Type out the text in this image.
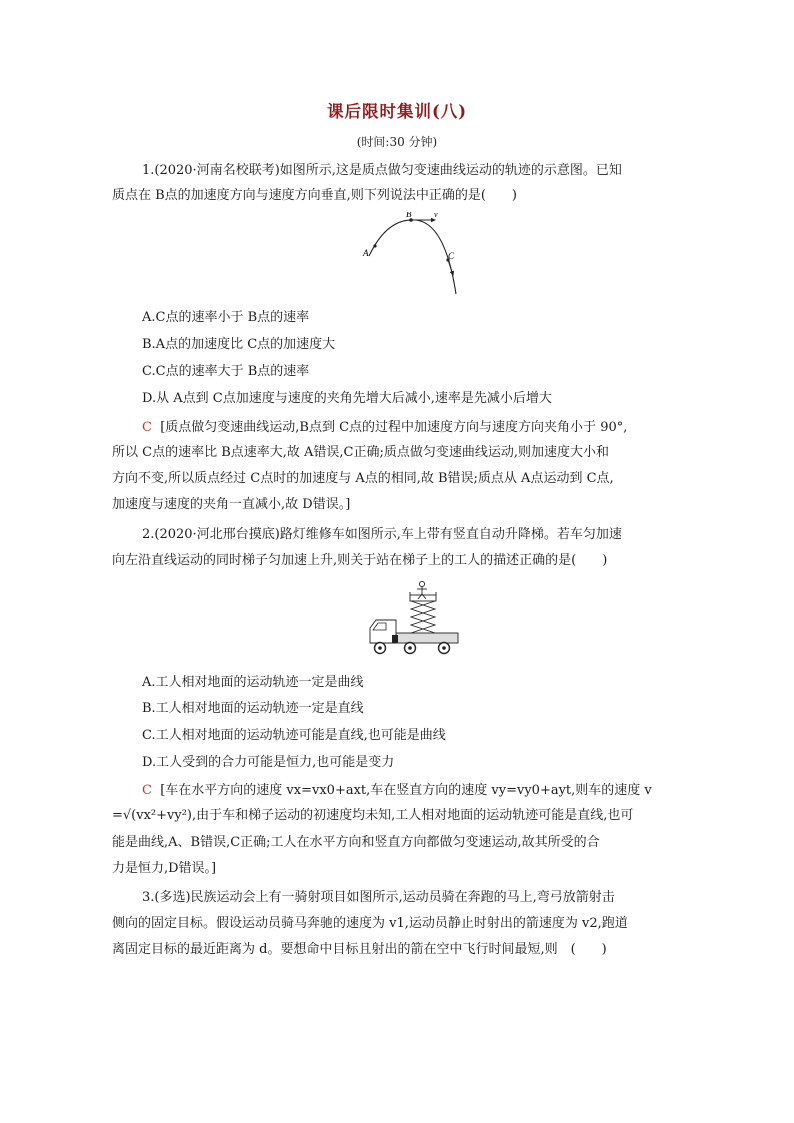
课后限时集训(八)
(时间:30 分钟)
1.(2020·河南名校联考)如图所示,这是质点做匀变速曲线运动的轨迹的示意图。已知
质点在 B点的加速度方向与速度方向垂直,则下列说法中正确的是(　　)
A
B
C
v
A.C点的速率小于 B点的速率
B.A点的加速度比 C点的加速度大
C.C点的速率大于 B点的速率
D.从 A点到 C点加速度与速度的夹角先增大后减小,速率是先减小后增大
C [质点做匀变速曲线运动,B点到 C点的过程中加速度方向与速度方向夹角小于 90°,
所以 C点的速率比 B点速率大,故 A错误,C正确;质点做匀变速曲线运动,则加速度大小和
方向不变,所以质点经过 C点时的加速度与 A点的相同,故 B错误;质点从 A点运动到 C点,
加速度与速度的夹角一直减小,故 D错误。]
2.(2020·河北邢台摸底)路灯维修车如图所示,车上带有竖直自动升降梯。若车匀加速
向左沿直线运动的同时梯子匀加速上升,则关于站在梯子上的工人的描述正确的是(　　)
A.工人相对地面的运动轨迹一定是曲线
B.工人相对地面的运动轨迹一定是直线
C.工人相对地面的运动轨迹可能是直线,也可能是曲线
D.工人受到的合力可能是恒力,也可能是变力
C [车在水平方向的速度 vx=vx0+axt,车在竖直方向的速度 vy=vy0+ayt,则车的速度 v
=√(vx²+vy²),由于车和梯子运动的初速度均未知,工人相对地面的运动轨迹可能是直线,也可
能是曲线,A、B错误,C正确;工人在水平方向和竖直方向都做匀变速运动,故其所受的合
力是恒力,D错误。]
3.(多选)民族运动会上有一骑射项目如图所示,运动员骑在奔跑的马上,弯弓放箭射击
侧向的固定目标。假设运动员骑马奔驰的速度为 v1,运动员静止时射出的箭速度为 v2,跑道
离固定目标的最近距离为 d。要想命中目标且射出的箭在空中飞行时间最短,则　(　　)
